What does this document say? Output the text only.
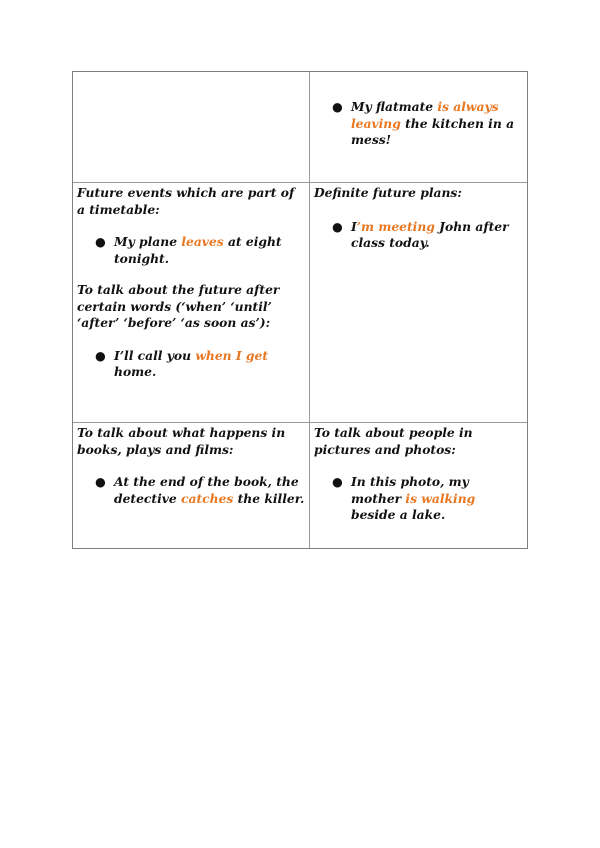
● My flatmate is always leaving the kitchen in a mess!

Future events which are part of a timetable:

● My plane leaves at eight tonight.

To talk about the future after certain words (‘when’ ‘until’ ‘after’ ‘before’ ‘as soon as’):

● I’ll call you when I get home.

Definite future plans:

● I’m meeting John after class today.

To talk about what happens in books, plays and films:

● At the end of the book, the detective catches the killer.

To talk about people in pictures and photos:

● In this photo, my mother is walking beside a lake.
